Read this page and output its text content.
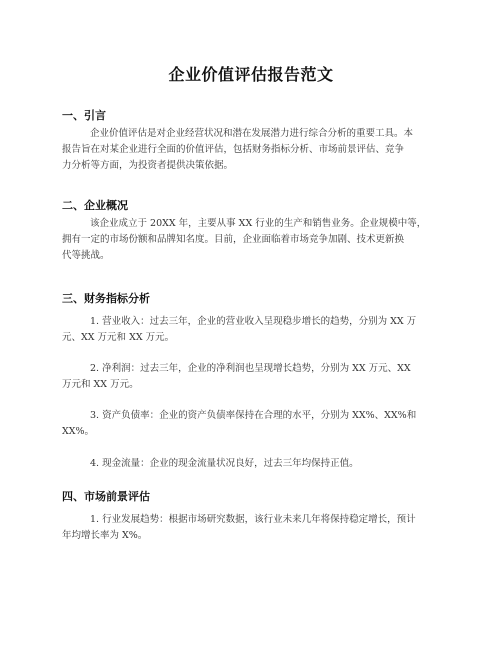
企业价值评估报告范文
一、引言
企业价值评估是对企业经营状况和潜在发展潜力进行综合分析的重要工具。本
报告旨在对某企业进行全面的价值评估，包括财务指标分析、市场前景评估、竞争
力分析等方面，为投资者提供决策依据。
二、企业概况
该企业成立于 20XX 年，主要从事 XX 行业的生产和销售业务。企业规模中等，
拥有一定的市场份额和品牌知名度。目前，企业面临着市场竞争加剧、技术更新换
代等挑战。
三、财务指标分析
1. 营业收入：过去三年，企业的营业收入呈现稳步增长的趋势，分别为 XX 万
元、XX 万元和 XX 万元。
2. 净利润：过去三年，企业的净利润也呈现增长趋势，分别为 XX 万元、XX
万元和 XX 万元。
3. 资产负债率：企业的资产负债率保持在合理的水平，分别为 XX%、XX%和
XX%。
4. 现金流量：企业的现金流量状况良好，过去三年均保持正值。
四、市场前景评估
1. 行业发展趋势：根据市场研究数据，该行业未来几年将保持稳定增长，预计
年均增长率为 X%。
